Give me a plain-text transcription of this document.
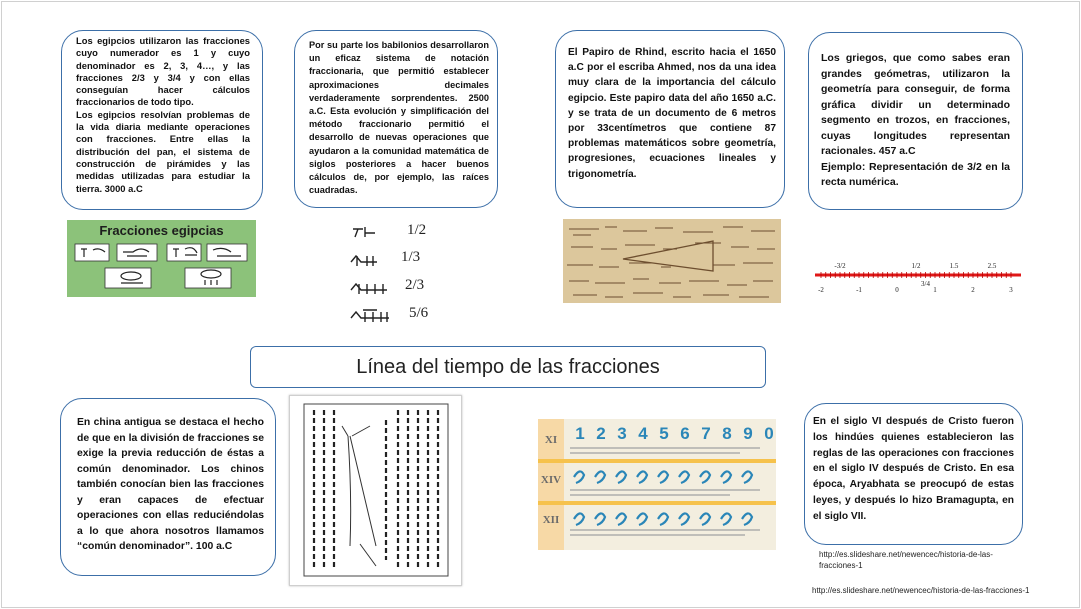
Los egipcios utilizaron las fracciones cuyo numerador es 1 y cuyo denominador es 2, 3, 4…, y las fracciones 2/3 y 3/4 y con ellas conseguían hacer cálculos fraccionarios de todo tipo.

Los egipcios resolvían problemas de la vida diaria mediante operaciones con fracciones. Entre ellas la distribución del pan, el sistema de construcción de pirámides y las medidas utilizadas para estudiar la tierra. 3000 a.C

Por su parte los babilonios desarrollaron un eficaz sistema de notación fraccionaria, que permitió establecer aproximaciones decimales verdaderamente sorprendentes. 2500 a.C. Esta evolución y simplificación del método fraccionario permitió el desarrollo de nuevas operaciones que ayudaron a la comunidad matemática de siglos posteriores a hacer buenos cálculos de, por ejemplo, las raíces cuadradas.

El Papiro de Rhind, escrito hacia el 1650 a.C por el escriba Ahmed, nos da una idea muy clara de la importancia del cálculo egipcio. Este papiro data del año 1650 a.C. y se trata de un documento de 6 metros por 33centímetros que contiene 87 problemas matemáticos sobre geometría, progresiones, ecuaciones lineales y trigonometría.

Los griegos, que como sabes eran grandes geómetras, utilizaron la geometría para conseguir, de forma gráfica dividir un determinado segmento en trozos, en fracciones, cuyas longitudes representan racionales. 457 a.C

Ejemplo: Representación de 3/2 en la recta numérica.

Fracciones egipcias	1/2
1/3
2/3
5/6
-3/2	1/2	1.5	2.5
-2	-1	0
3/4
1	2	3
Línea del tiempo de las fracciones

En china antigua se destaca el hecho de que en la división de fracciones se exige la previa reducción de éstas a común denominador. Los chinos también conocían bien las fracciones y eran capaces de efectuar operaciones con ellas reduciéndolas a lo que ahora nosotros llamamos “común denominador”. 100 a.C

1 2 3 4 5 6 7 8 9 0
XI
XIV
XII

En el siglo VI después de Cristo fueron los hindúes quienes establecieron las reglas de las operaciones con fracciones en el siglo IV después de Cristo. En esa época, Aryabhata se preocupó de estas leyes, y después lo hizo Bramagupta, en el siglo VII.

http://es.slideshare.net/newencec/historia-de-las-fracciones-1
http://es.slideshare.net/newencec/historia-de-las-fracciones-1
